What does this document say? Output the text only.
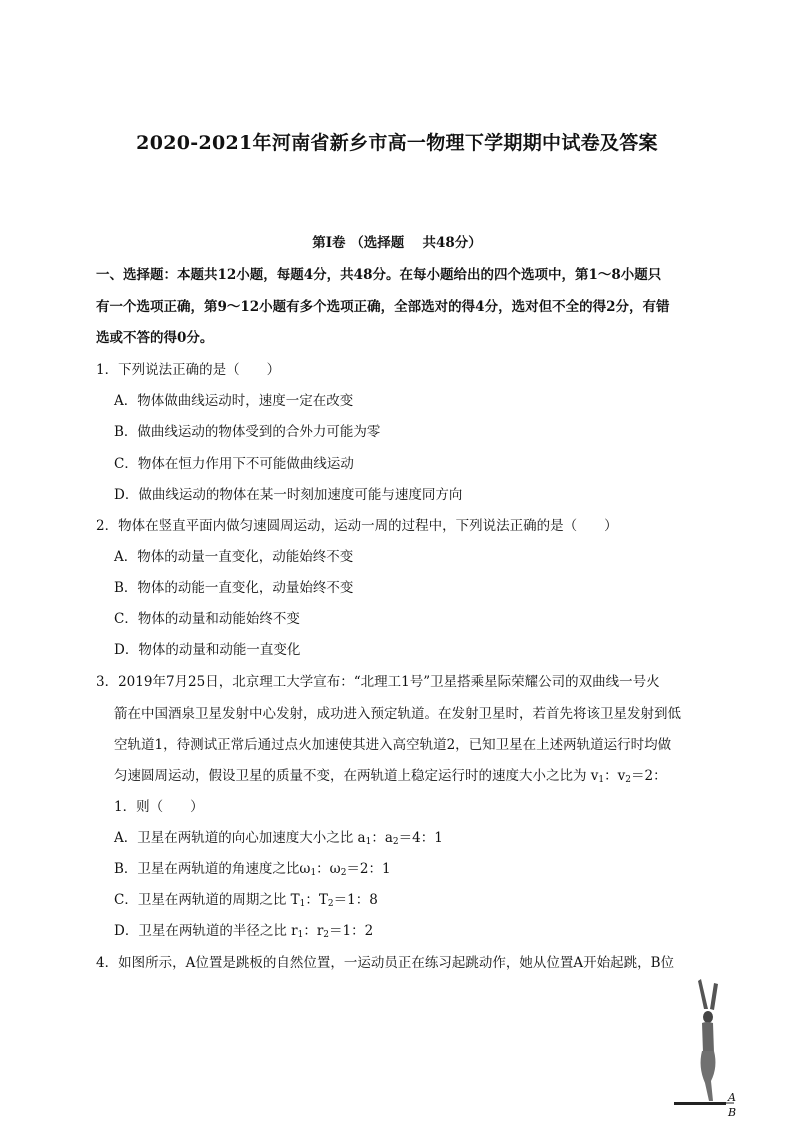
2020-2021年河南省新乡市高一物理下学期期中试卷及答案
第Ⅰ卷 （选择题　 共48分）
一、选择题：本题共12小题，每题4分，共48分。在每小题给出的四个选项中，第1～8小题只
有一个选项正确，第9～12小题有多个选项正确，全部选对的得4分，选对但不全的得2分，有错
选或不答的得0分。
1．下列说法正确的是（　　）
A．物体做曲线运动时，速度一定在改变
B．做曲线运动的物体受到的合外力可能为零
C．物体在恒力作用下不可能做曲线运动
D．做曲线运动的物体在某一时刻加速度可能与速度同方向
2．物体在竖直平面内做匀速圆周运动，运动一周的过程中，下列说法正确的是（　　）
A．物体的动量一直变化，动能始终不变
B．物体的动能一直变化，动量始终不变
C．物体的动量和动能始终不变
D．物体的动量和动能一直变化
3．2019年7月25日，北京理工大学宣布：“北理工1号”卫星搭乘星际荣耀公司的双曲线一号火
箭在中国酒泉卫星发射中心发射，成功进入预定轨道。在发射卫星时，若首先将该卫星发射到低
空轨道1，待测试正常后通过点火加速使其进入高空轨道2，已知卫星在上述两轨道运行时均做
匀速圆周运动，假设卫星的质量不变，在两轨道上稳定运行时的速度大小之比为 $v_1$：$v_2=2$：
1．则（　　）
A．卫星在两轨道的向心加速度大小之比 $a_1$：$a_2=4$：1
B．卫星在两轨道的角速度之比$\omega_1$：$\omega_2=2$：1
C．卫星在两轨道的周期之比 $T_1$：$T_2=1$：8
D．卫星在两轨道的半径之比 $r_1$：$r_2=1$：2
4．如图所示，A位置是跳板的自然位置，一运动员正在练习起跳动作，她从位置A开始起跳，B位
A
B
